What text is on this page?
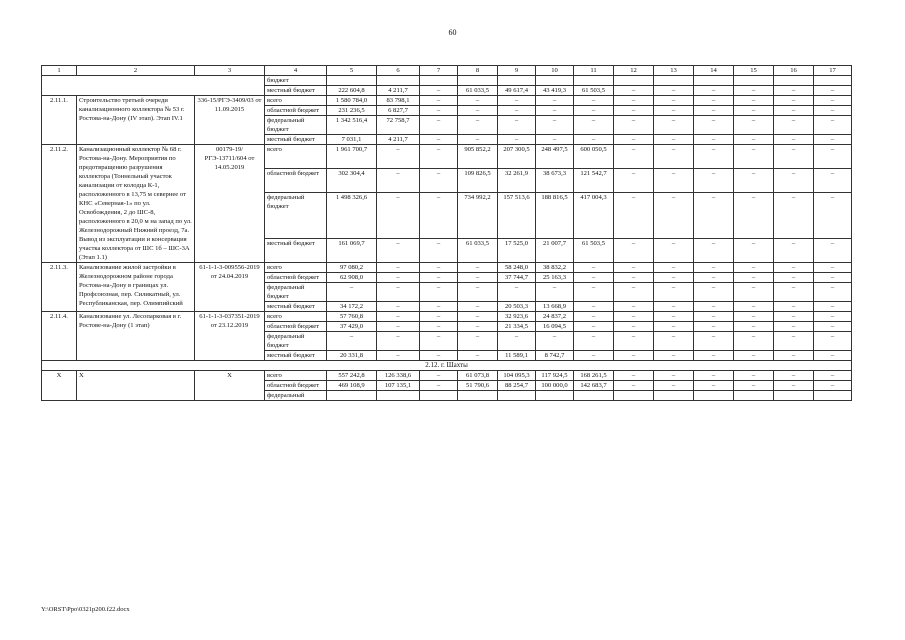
60
1	2	3	4	5	6	7	8	9	10	11	12	13	14	15	16	17
			бюджет													
			местный бюджет	222 604,8	4 211,7	–	61 033,5	49 617,4	43 419,3	61 503,5	–	–	–	–	–	–
2.11.1.	Строительство третьей очереди канализационного коллектора № 53 г. Ростова-на-Дону (IV этап). Этап IV.1	336-15/РГЭ-3409/03 от 11.09.2015	всего	1 580 784,0	83 798,1	–	–	–	–	–	–	–	–	–	–	–
			областной бюджет	231 236,5	6 827,7	–	–	–	–	–	–	–	–	–	–	–
			федеральный бюджет	1 342 516,4	72 758,7	–	–	–	–	–	–	–	–	–	–	–
			местный бюджет	7 031,1	4 211,7	–	–	–	–	–	–	–	–	–	–	–
2.11.2.	Канализационный коллектор № 68 г. Ростова-на-Дону. Мероприятия по предотвращению разрушения коллектора (Тоннельный участок канализации от колодца К-1, расположенного в 13,75 м севернее от КНС «Северная-1» по ул. Освобождения, 2 до ШС-8, расположенного в 20,0 м на запад по ул. Железнодорожный Нижний проезд, 7а. Вывод из эксплуатации и консервация участка коллектора от ШС 1б – ШС-3А (Этап 1.1)	00179-19/РГЭ-13711/604 от 14.05.2019	всего	1 961 700,7	–	–	905 852,2	207 300,5	248 497,5	600 050,5	–	–	–	–	–	–
			областной бюджет	302 304,4	–	–	109 826,5	32 261,9	38 673,3	121 542,7	–	–	–	–	–	–
			федеральный бюджет	1 498 326,6	–	–	734 992,2	157 513,6	188 816,5	417 004,3	–	–	–	–	–	–
			местный бюджет	161 069,7	–	–	61 033,5	17 525,0	21 007,7	61 503,5	–	–	–	–	–	–
2.11.3.	Канализование жилой застройки в Железнодорожном районе города Ростова-на-Дону в границах ул. Профсоюзная, пер. Силикатный, ул. Республиканская, пер. Олимпийский	61-1-1-3-009556-2019 от 24.04.2019	всего	97 080,2	–	–	–	58 248,0	38 832,2	–	–	–	–	–	–	–
			областной бюджет	62 908,0	–	–	–	37 744,7	25 163,3	–	–	–	–	–	–	–
			федеральный бюджет	–	–	–	–	–	–	–	–	–	–	–	–	–
			местный бюджет	34 172,2	–	–	–	20 503,3	13 668,9	–	–	–	–	–	–	–
2.11.4.	Канализование ул. Лесопарковая в г. Ростове-на-Дону (1 этап)	61-1-1-3-037351-2019 от 23.12.2019	всего	57 760,8	–	–	–	32 923,6	24 837,2	–	–	–	–	–	–	–
			областной бюджет	37 429,0	–	–	–	21 334,5	16 094,5	–	–	–	–	–	–	–
			федеральный бюджет	–	–	–	–	–	–	–	–	–	–	–	–	–
			местный бюджет	20 331,8	–	–	–	11 589,1	8 742,7	–	–	–	–	–	–	–
2.12. г. Шахты																
Х	Х	Х	всего	557 242,8	126 338,6	–	61 073,8	104 095,3	117 924,5	168 261,5	–	–	–	–	–	–
			областной бюджет	469 108,9	107 135,1	–	51 790,6	88 254,7	100 000,0	142 683,7	–	–	–	–	–	–
			федеральный													
Y:\ORST\Ppo\0321p200.f22.docx
